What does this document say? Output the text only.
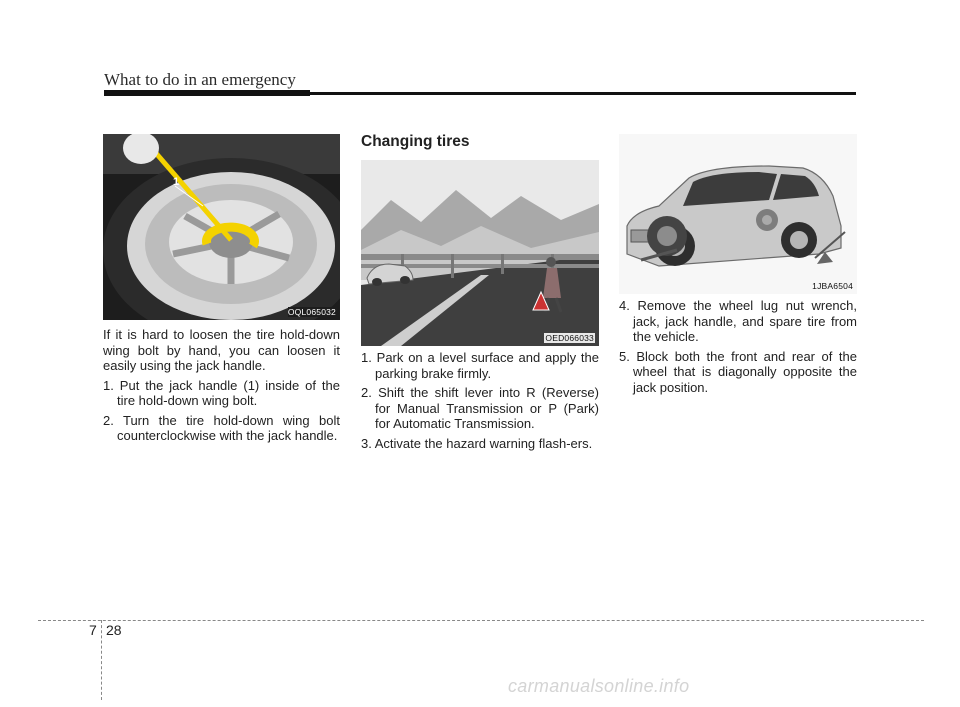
What to do in an emergency
1
OQL065032
OED066033
1JBA6504
Changing tires

If it is hard to loosen the tire hold-down wing bolt by hand, you can loosen it easily using the jack handle.

1. Put the jack handle (1) inside of the tire hold-down wing bolt.

2. Turn the tire hold-down wing bolt counterclockwise with the jack handle.

1. Park on a level surface and apply the parking brake firmly.

2. Shift the shift lever into R (Reverse) for Manual Transmission or P (Park) for Automatic Transmission.

3. Activate the hazard warning flash-ers.

4. Remove the wheel lug nut wrench, jack, jack handle, and spare tire from the vehicle.

5. Block both the front and rear of the wheel that is diagonally opposite the jack position.

7 28
carmanualsonline.info
